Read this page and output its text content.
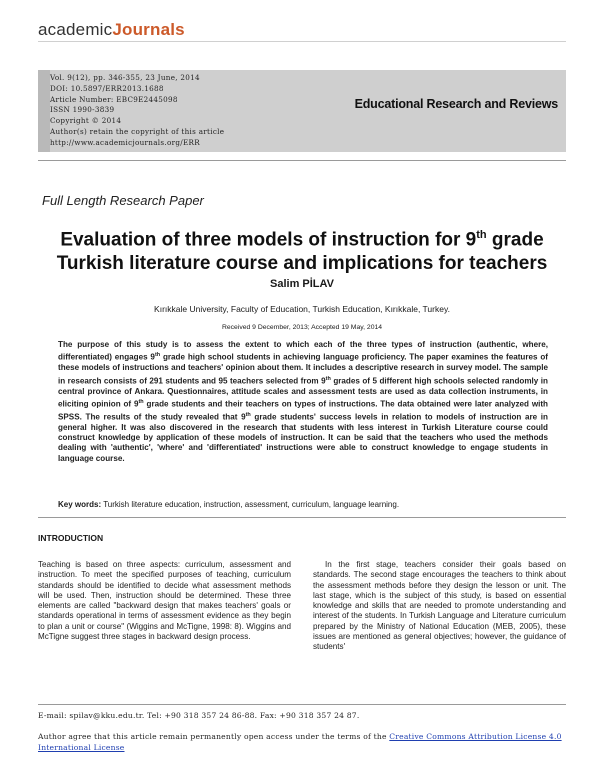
academicJournals
Vol. 9(12), pp. 346-355, 23 June, 2014
DOI: 10.5897/ERR2013.1688
Article Number: EBC9E2445098
ISSN 1990-3839
Copyright © 2014
Author(s) retain the copyright of this article
http://www.academicjournals.org/ERR
Educational Research and Reviews
Full Length Research Paper
Evaluation of three models of instruction for 9th grade
Turkish literature course and implications for teachers
Salim PİLAV
Kırıkkale University, Faculty of Education, Turkish Education, Kırıkkale, Turkey.
Received 9 December, 2013; Accepted 19 May, 2014
The purpose of this study is to assess the extent to which each of the three types of instruction (authentic, where, differentiated) engages 9th grade high school students in achieving language proficiency. The paper examines the features of these models of instructions and teachers' opinion about them. It includes a descriptive research in survey model. The sample in research consists of 291 students and 95 teachers selected from 9th grades of 5 different high schools selected randomly in central province of Ankara. Questionnaires, attitude scales and assessment tests are used as data collection instruments, in eliciting opinion of 9th grade students and their teachers on types of instructions. The data obtained were later analyzed with SPSS. The results of the study revealed that 9th grade students' success levels in relation to models of instruction are in general higher. It was also discovered in the research that students with less interest in Turkish Literature course could construct knowledge by application of these models of instruction. It can be said that the teachers who used the methods dealing with 'authentic', 'where' and 'differentiated' instructions were able to construct knowledge to engage students in language course.
Key words: Turkish literature education, instruction, assessment, curriculum, language learning.
INTRODUCTION
Teaching is based on three aspects: curriculum, assessment and instruction. To meet the specified purposes of teaching, curriculum standards should be identified to decide what assessment methods will be used. Then, instruction should be determined. These three elements are called "backward design that makes teachers' goals or standards operational in terms of assessment evidence as they begin to plan a unit or course" (Wiggins and McTigne, 1998: 8). Wiggins and McTigne suggest three stages in backward design process.
In the first stage, teachers consider their goals based on standards. The second stage encourages the teachers to think about the assessment methods before they design the lesson or unit. The last stage, which is the subject of this study, is based on essential knowledge and skills that are needed to promote understanding and interest of the students. In Turkish Language and Literature curriculum prepared by the Ministry of National Education (MEB, 2005), these issues are mentioned as general objectives; however, the guidance of students'
E-mail: spilav@kku.edu.tr. Tel: +90 318 357 24 86-88. Fax: +90 318 357 24 87.
Author agree that this article remain permanently open access under the terms of the Creative Commons Attribution License 4.0 International License
